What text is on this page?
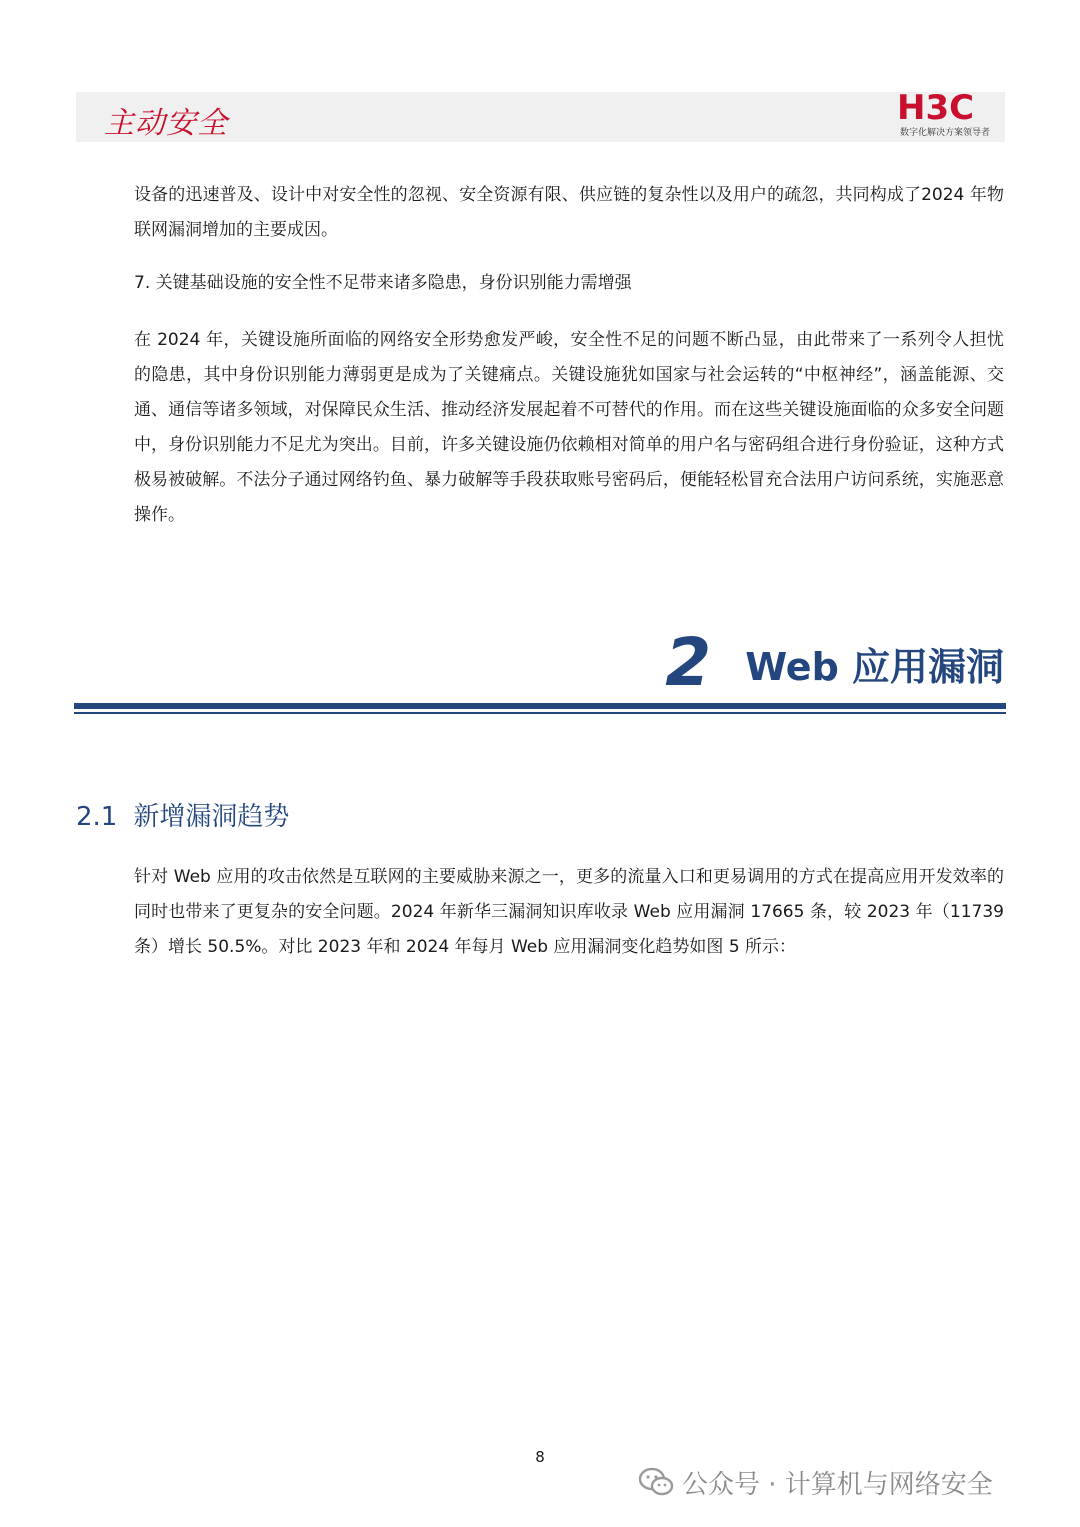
主动安全	H3C
数字化解决方案领导者

设备的迅速普及、设计中对安全性的忽视、安全资源有限、供应链的复杂性以及用户的疏忽，共同构成了2024 年物联网漏洞增加的主要成因。

7. 关键基础设施的安全性不足带来诸多隐患，身份识别能力需增强

在 2024 年，关键设施所面临的网络安全形势愈发严峻，安全性不足的问题不断凸显，由此带来了一系列令人担忧的隐患，其中身份识别能力薄弱更是成为了关键痛点。关键设施犹如国家与社会运转的“中枢神经”，涵盖能源、交通、通信等诸多领域，对保障民众生活、推动经济发展起着不可替代的作用。而在这些关键设施面临的众多安全问题中，身份识别能力不足尤为突出。目前，许多关键设施仍依赖相对简单的用户名与密码组合进行身份验证，这种方式极易被破解。不法分子通过网络钓鱼、暴力破解等手段获取账号密码后，便能轻松冒充合法用户访问系统，实施恶意操作。

2 Web 应用漏洞
2.1 新增漏洞趋势

针对 Web 应用的攻击依然是互联网的主要威胁来源之一，更多的流量入口和更易调用的方式在提高应用开发效率的同时也带来了更复杂的安全问题。2024 年新华三漏洞知识库收录 Web 应用漏洞 17665 条，较 2023 年（11739 条）增长 50.5%。对比 2023 年和 2024 年每月 Web 应用漏洞变化趋势如图 5 所示：

8
公众号 · 计算机与网络安全
